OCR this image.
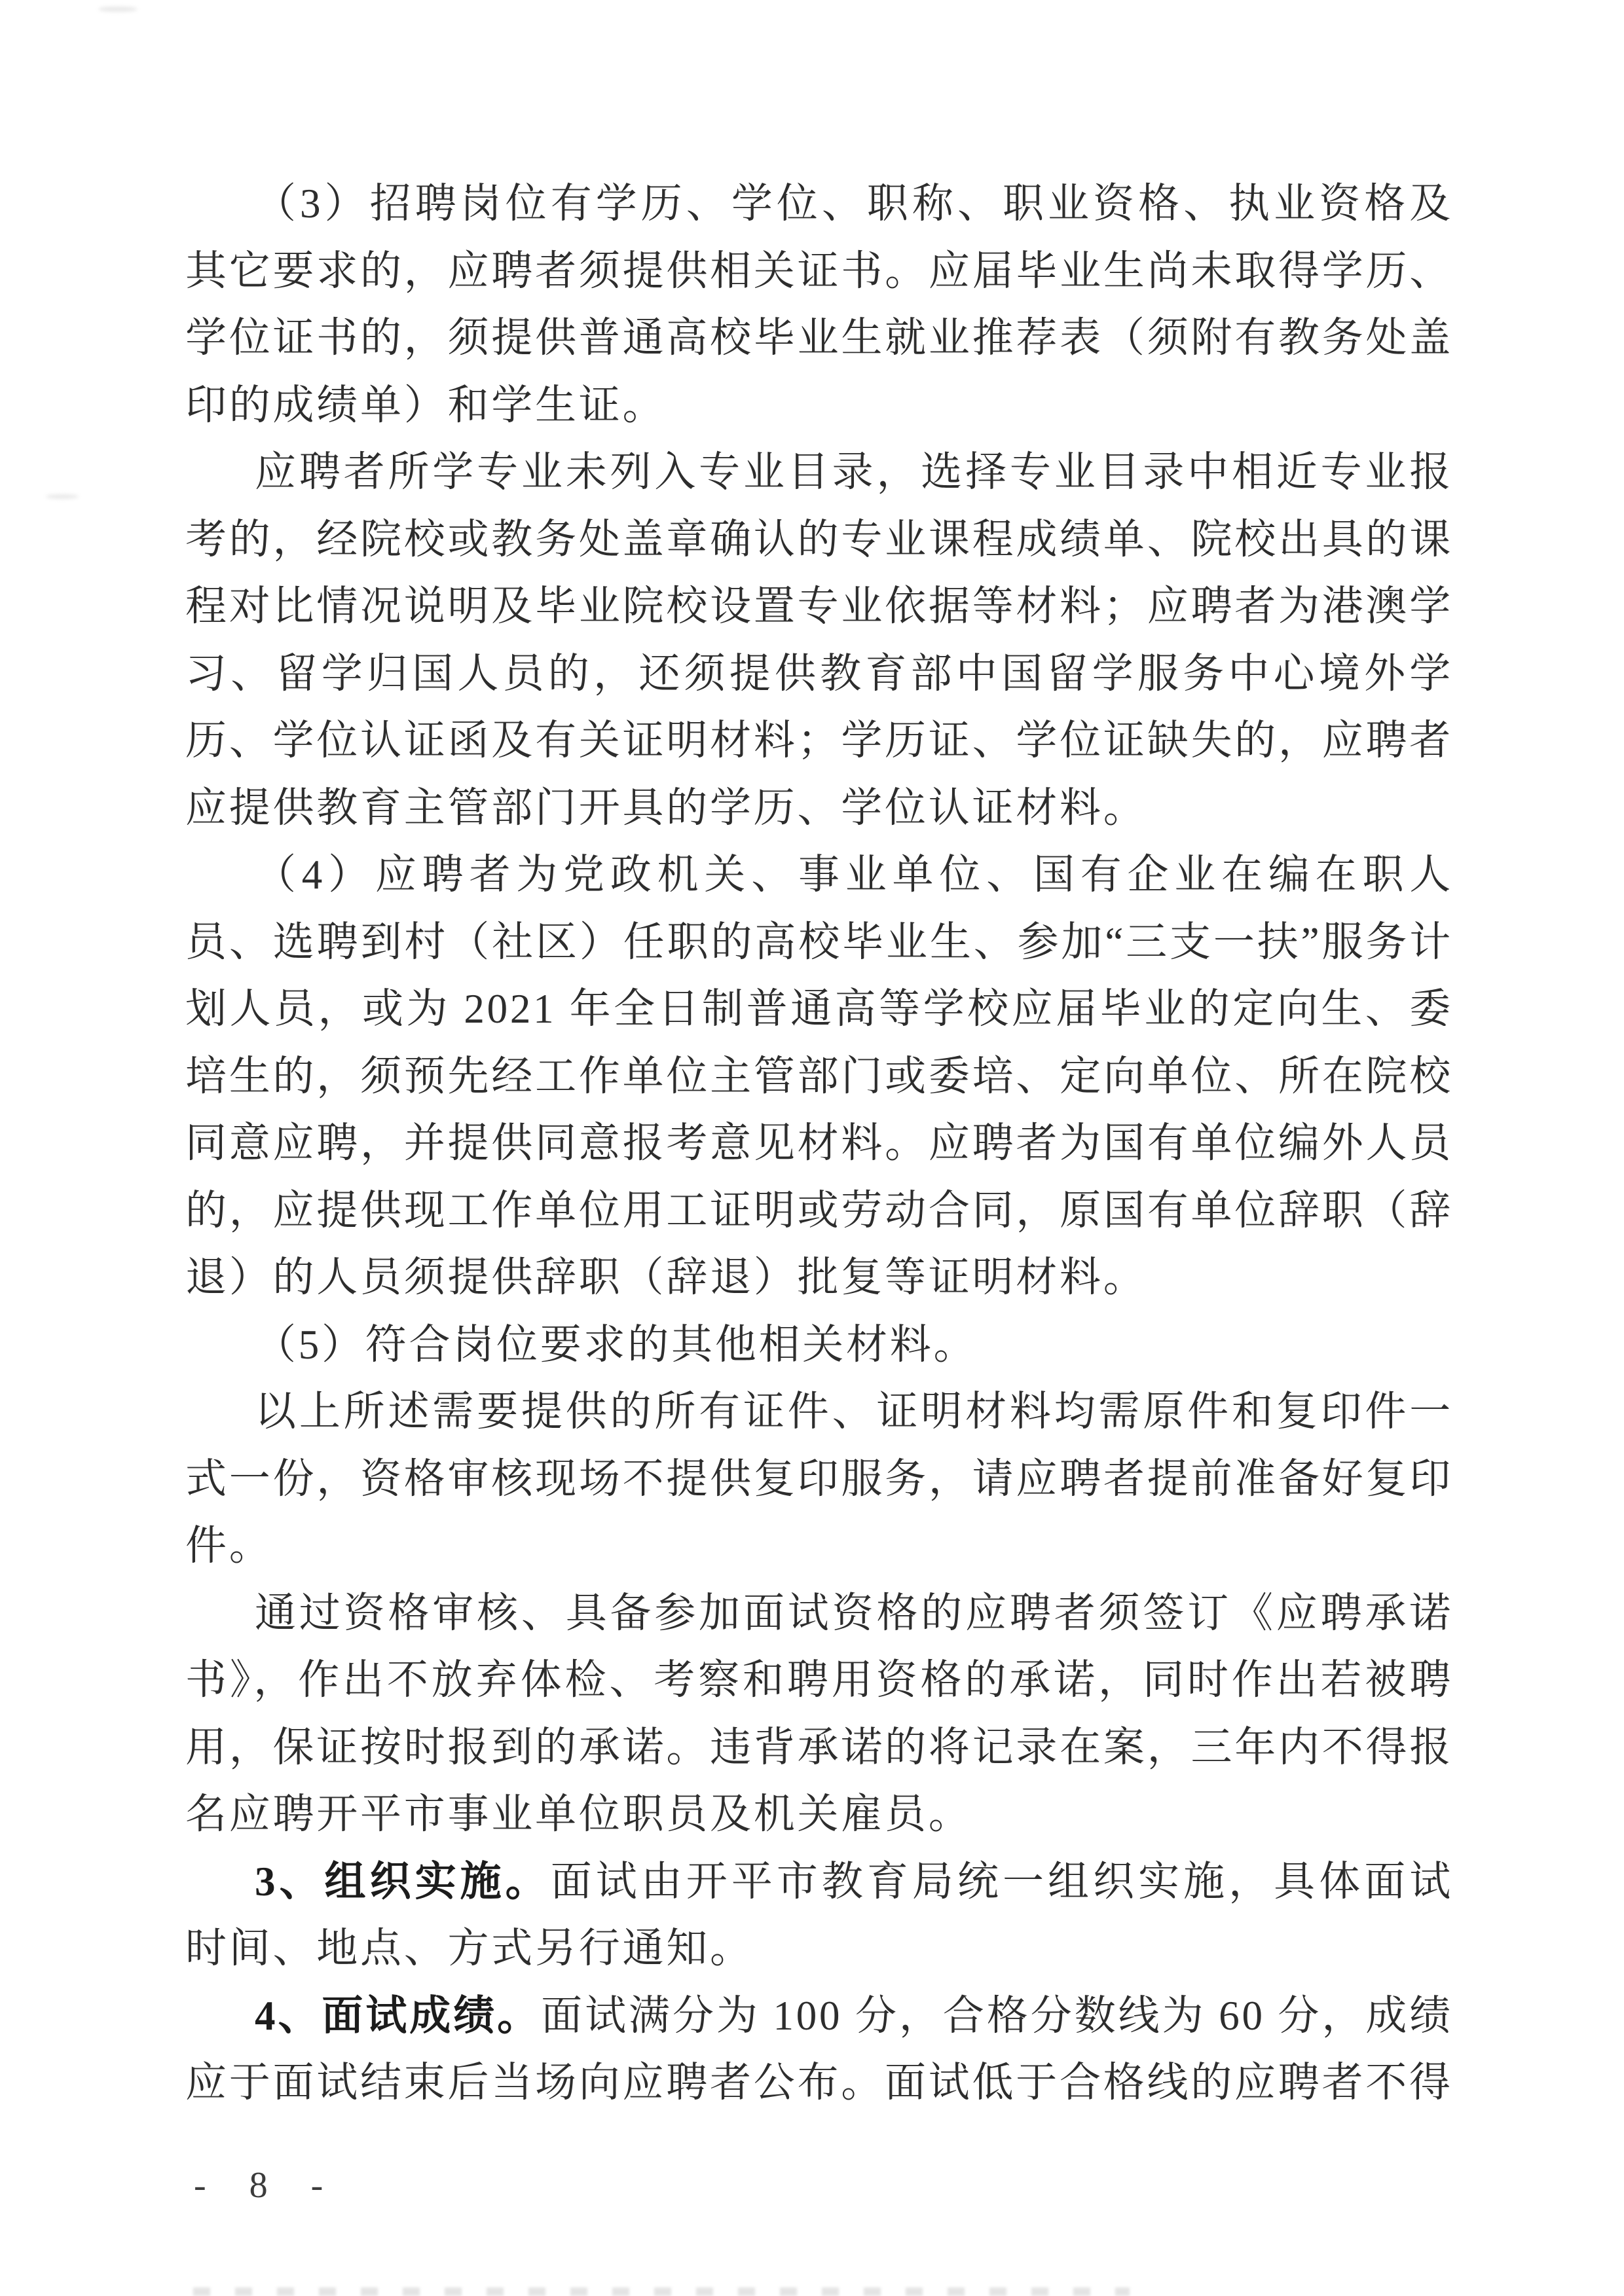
（3）招聘岗位有学历、学位、职称、职业资格、执业资格及其它要求的，应聘者须提供相关证书。应届毕业生尚未取得学历、学位证书的，须提供普通高校毕业生就业推荐表（须附有教务处盖印的成绩单）和学生证。

应聘者所学专业未列入专业目录，选择专业目录中相近专业报考的，经院校或教务处盖章确认的专业课程成绩单、院校出具的课程对比情况说明及毕业院校设置专业依据等材料；应聘者为港澳学习、留学归国人员的，还须提供教育部中国留学服务中心境外学历、学位认证函及有关证明材料；学历证、学位证缺失的，应聘者应提供教育主管部门开具的学历、学位认证材料。

（4）应聘者为党政机关、事业单位、国有企业在编在职人员、选聘到村（社区）任职的高校毕业生、参加“三支一扶”服务计划人员，或为 2021 年全日制普通高等学校应届毕业的定向生、委培生的，须预先经工作单位主管部门或委培、定向单位、所在院校同意应聘，并提供同意报考意见材料。应聘者为国有单位编外人员的，应提供现工作单位用工证明或劳动合同，原国有单位辞职（辞退）的人员须提供辞职（辞退）批复等证明材料。

（5）符合岗位要求的其他相关材料。

以上所述需要提供的所有证件、证明材料均需原件和复印件一式一份，资格审核现场不提供复印服务，请应聘者提前准备好复印件。

通过资格审核、具备参加面试资格的应聘者须签订《应聘承诺书》，作出不放弃体检、考察和聘用资格的承诺，同时作出若被聘用，保证按时报到的承诺。违背承诺的将记录在案，三年内不得报名应聘开平市事业单位职员及机关雇员。

3、组织实施。面试由开平市教育局统一组织实施，具体面试时间、地点、方式另行通知。

4、面试成绩。面试满分为 100 分，合格分数线为 60 分，成绩应于面试结束后当场向应聘者公布。面试低于合格线的应聘者不得

- 8 -
